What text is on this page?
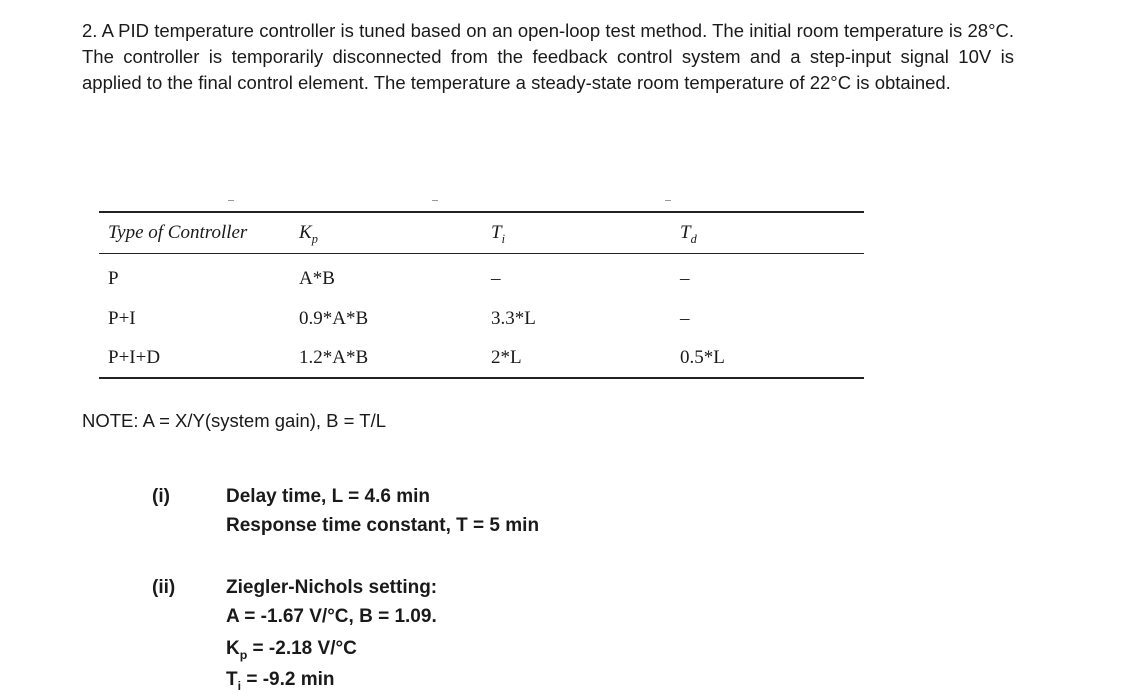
2. A PID temperature controller is tuned based on an open-loop test method. The initial room temperature is 28°C. The controller is temporarily disconnected from the feedback control system and a step-input signal 10V is applied to the final control element. The temperature a steady-state room temperature of 22°C is obtained.
Type of Controller	$K_p$	$T_i$	$T_d$
P	A*B	–	–
P+I	0.9*A*B	3.3*L	–
P+I+D	1.2*A*B	2*L	0.5*L
NOTE: A = X/Y(system gain), B = T/L
(i)	Delay time, L = 4.6 min
Response time constant, T = 5 min
(ii)	Ziegler-Nichols setting:
A = -1.67 V/°C, B = 1.09.
$K_p = -2.18$ V/°C
$T_i = -9.2$ min
